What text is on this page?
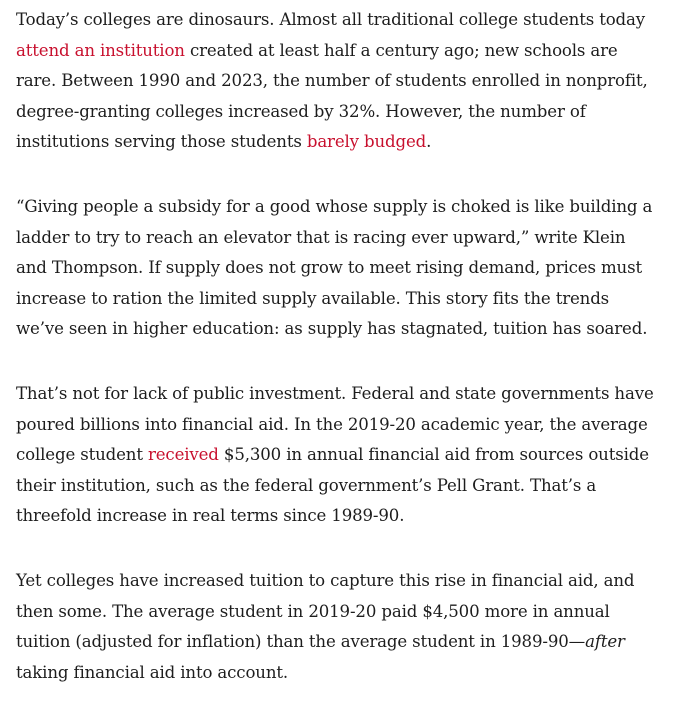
Today’s colleges are dinosaurs. Almost all traditional college students today attend an institution created at least half a century ago; new schools are rare. Between 1990 and 2023, the number of students enrolled in nonprofit, degree-granting colleges increased by 32%. However, the number of institutions serving those students barely budged.

“Giving people a subsidy for a good whose supply is choked is like building a ladder to try to reach an elevator that is racing ever upward,” write Klein and Thompson. If supply does not grow to meet rising demand, prices must increase to ration the limited supply available. This story fits the trends we’ve seen in higher education: as supply has stagnated, tuition has soared.

That’s not for lack of public investment. Federal and state governments have poured billions into financial aid. In the 2019-20 academic year, the average college student received $5,300 in annual financial aid from sources outside their institution, such as the federal government’s Pell Grant. That’s a threefold increase in real terms since 1989-90.

Yet colleges have increased tuition to capture this rise in financial aid, and then some. The average student in 2019-20 paid $4,500 more in annual tuition (adjusted for inflation) than the average student in 1989-90—after taking financial aid into account.
